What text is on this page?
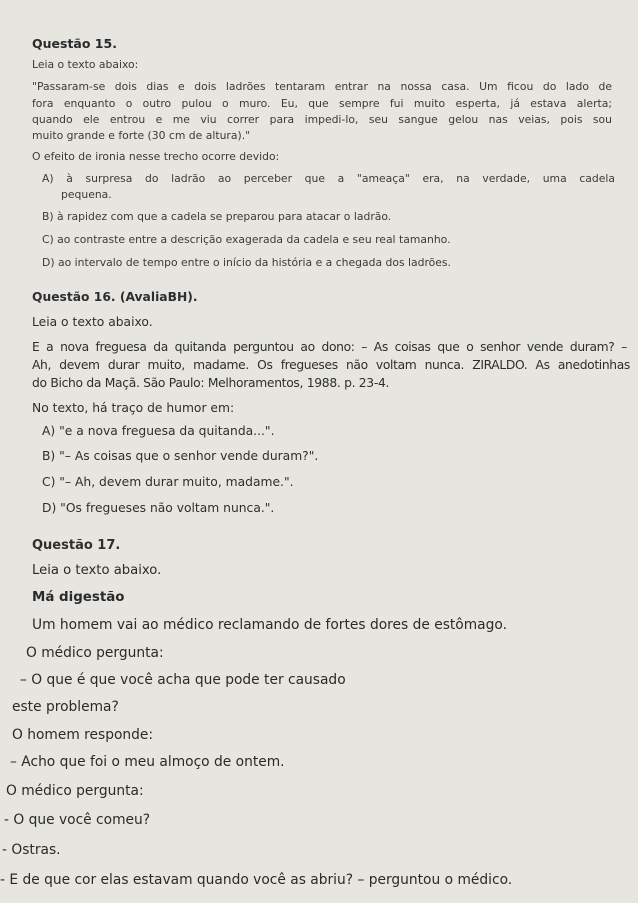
Questão 15.
Leia o texto abaixo:
"Passaram-se dois dias e dois ladrões tentaram entrar na nossa casa. Um ficou do lado de
fora enquanto o outro pulou o muro. Eu, que sempre fui muito esperta, já estava alerta;
quando ele entrou e me viu correr para impedi-lo, seu sangue gelou nas veias, pois sou
muito grande e forte (30 cm de altura)."
O efeito de ironia nesse trecho ocorre devido:
A) à surpresa do ladrão ao perceber que a "ameaça" era, na verdade, uma cadela
pequena.
B) à rapidez com que a cadela se preparou para atacar o ladrão.
C) ao contraste entre a descrição exagerada da cadela e seu real tamanho.
D) ao intervalo de tempo entre o início da história e a chegada dos ladrões.
Questão 16. (AvaliaBH).
Leia o texto abaixo.
E a nova freguesa da quitanda perguntou ao dono: – As coisas que o senhor vende duram? –
Ah, devem durar muito, madame. Os fregueses não voltam nunca. ZIRALDO. As anedotinhas
do Bicho da Maçã. São Paulo: Melhoramentos, 1988. p. 23-4.
No texto, há traço de humor em:
A) "e a nova freguesa da quitanda...".
B) "– As coisas que o senhor vende duram?".
C) "– Ah, devem durar muito, madame.".
D) "Os fregueses não voltam nunca.".
Questão 17.
Leia o texto abaixo.
Má digestão
Um homem vai ao médico reclamando de fortes dores de estômago.
O médico pergunta:
– O que é que você acha que pode ter causado
este problema?
O homem responde:
– Acho que foi o meu almoço de ontem.
O médico pergunta:
- O que você comeu?
- Ostras.
- E de que cor elas estavam quando você as abriu? – perguntou o médico.
